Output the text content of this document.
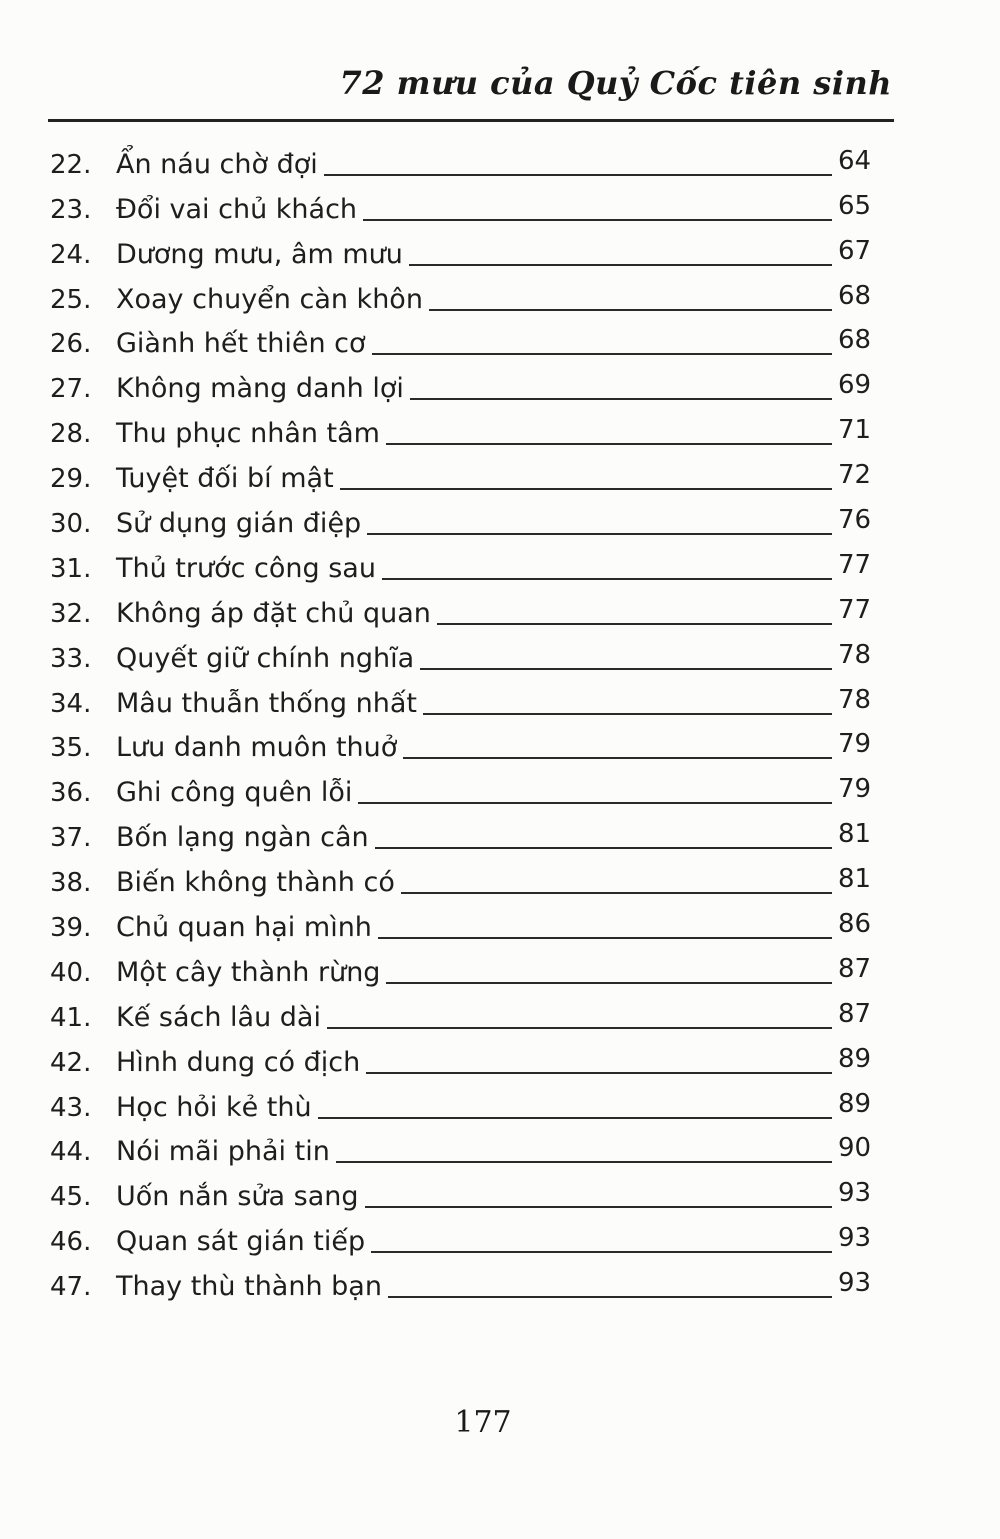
72 mưu của Quỷ Cốc tiên sinh
22. Ẩn náu chờ đợi	64
23. Đổi vai chủ khách	65
24. Dương mưu, âm mưu	67
25. Xoay chuyển càn khôn	68
26. Giành hết thiên cơ	68
27. Không màng danh lợi	69
28. Thu phục nhân tâm	71
29. Tuyệt đối bí mật	72
30. Sử dụng gián điệp	76
31. Thủ trước công sau	77
32. Không áp đặt chủ quan	77
33. Quyết giữ chính nghĩa	78
34. Mâu thuẫn thống nhất	78
35. Lưu danh muôn thuở	79
36. Ghi công quên lỗi	79
37. Bốn lạng ngàn cân	81
38. Biến không thành có	81
39. Chủ quan hại mình	86
40. Một cây thành rừng	87
41. Kế sách lâu dài	87
42. Hình dung có địch	89
43. Học hỏi kẻ thù	89
44. Nói mãi phải tin	90
45. Uốn nắn sửa sang	93
46. Quan sát gián tiếp	93
47. Thay thù thành bạn	93
177
